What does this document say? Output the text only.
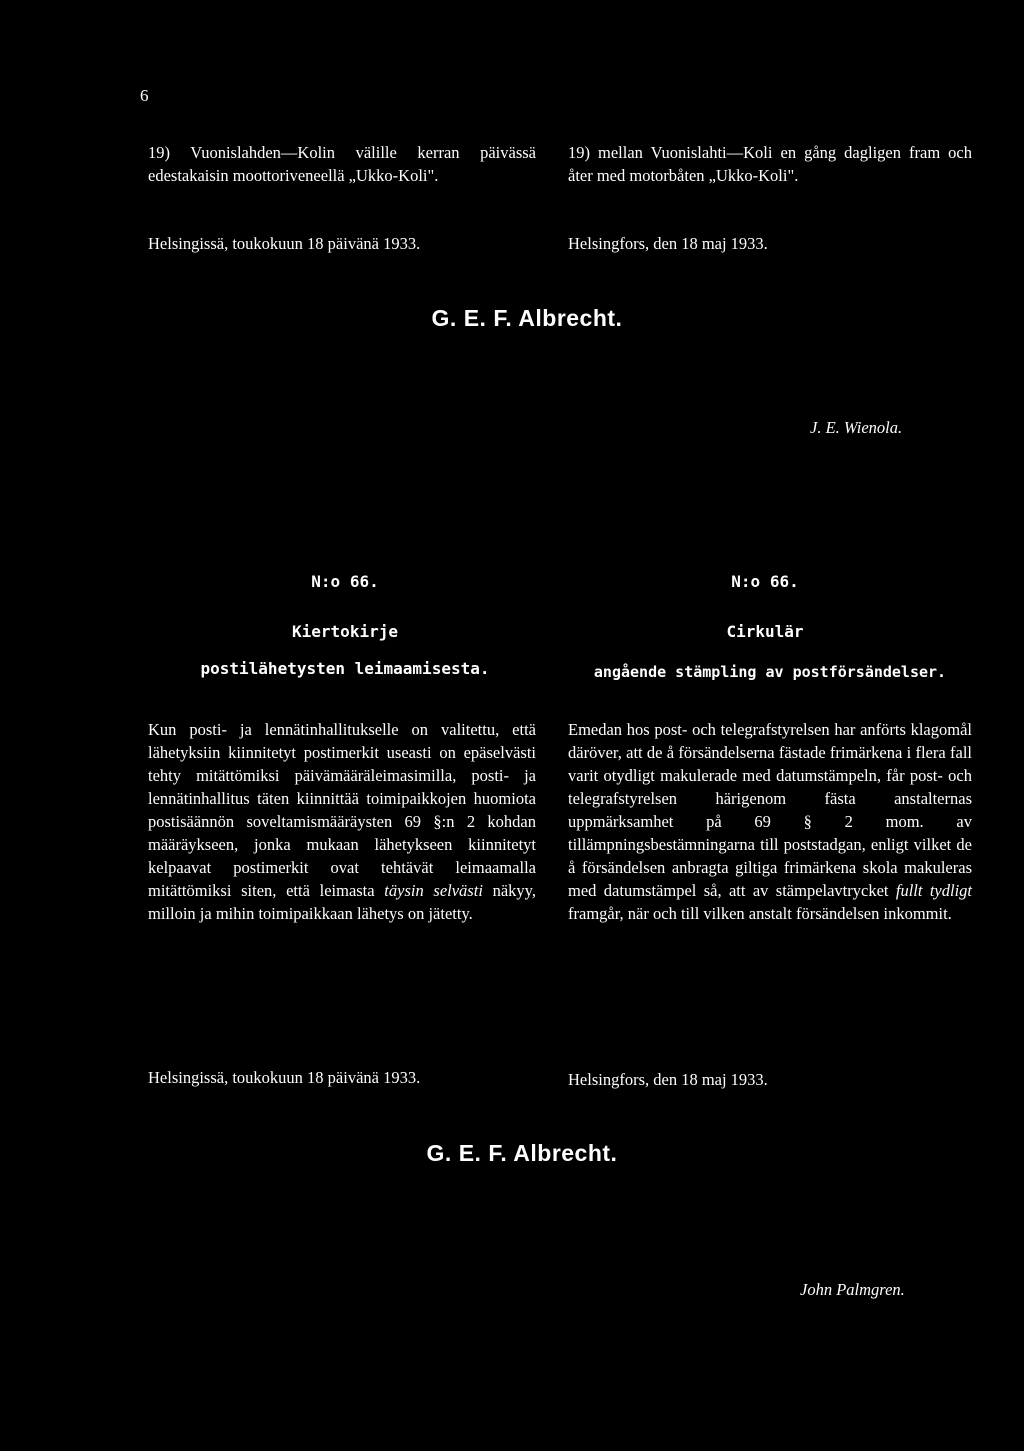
6
19) Vuonislahden—Kolin välille kerran päivässä edestakaisin moottoriveneellä „Ukko-Koli".
19) mellan Vuonislahti—Koli en gång dagligen fram och åter med motorbåten „Ukko-Koli".
Helsingissä, toukokuun 18 päivänä 1933.	Helsingfors, den 18 maj 1933.
G. E. F. Albrecht.
J. E. Wienola.
N:o 66.
Kiertokirje
postilähetysten leimaamisesta.
N:o 66.
Cirkulär
angående stämpling av postförsändelser.

Kun posti- ja lennätinhallitukselle on valitettu, että lähetyksiin kiinnitetyt postimerkit useasti on epäselvästi tehty mitättömiksi päivämääräleimasimilla, posti- ja lennätinhallitus täten kiinnittää toimipaikkojen huomiota postisäännön soveltamismääräysten 69 §:n 2 kohdan määräykseen, jonka mukaan lähetykseen kiinnitetyt kelpaavat postimerkit ovat tehtävät leimaamalla mitättömiksi siten, että leimasta täysin selvästi näkyy, milloin ja mihin toimipaikkaan lähetys on jätetty.

Emedan hos post- och telegrafstyrelsen har anförts klagomål däröver, att de å försändelserna fästade frimärkena i flera fall varit otydligt makulerade med datumstämpeln, får post- och telegrafstyrelsen härigenom fästa anstalternas uppmärksamhet på 69 § 2 mom. av tillämpningsbestämningarna till poststadgan, enligt vilket de å försändelsen anbragta giltiga frimärkena skola makuleras med datumstämpel så, att av stämpelavtrycket fullt tydligt framgår, när och till vilken anstalt försändelsen inkommit.

Helsingissä, toukokuun 18 päivänä 1933.	Helsingfors, den 18 maj 1933.
G. E. F. Albrecht.
John Palmgren.
